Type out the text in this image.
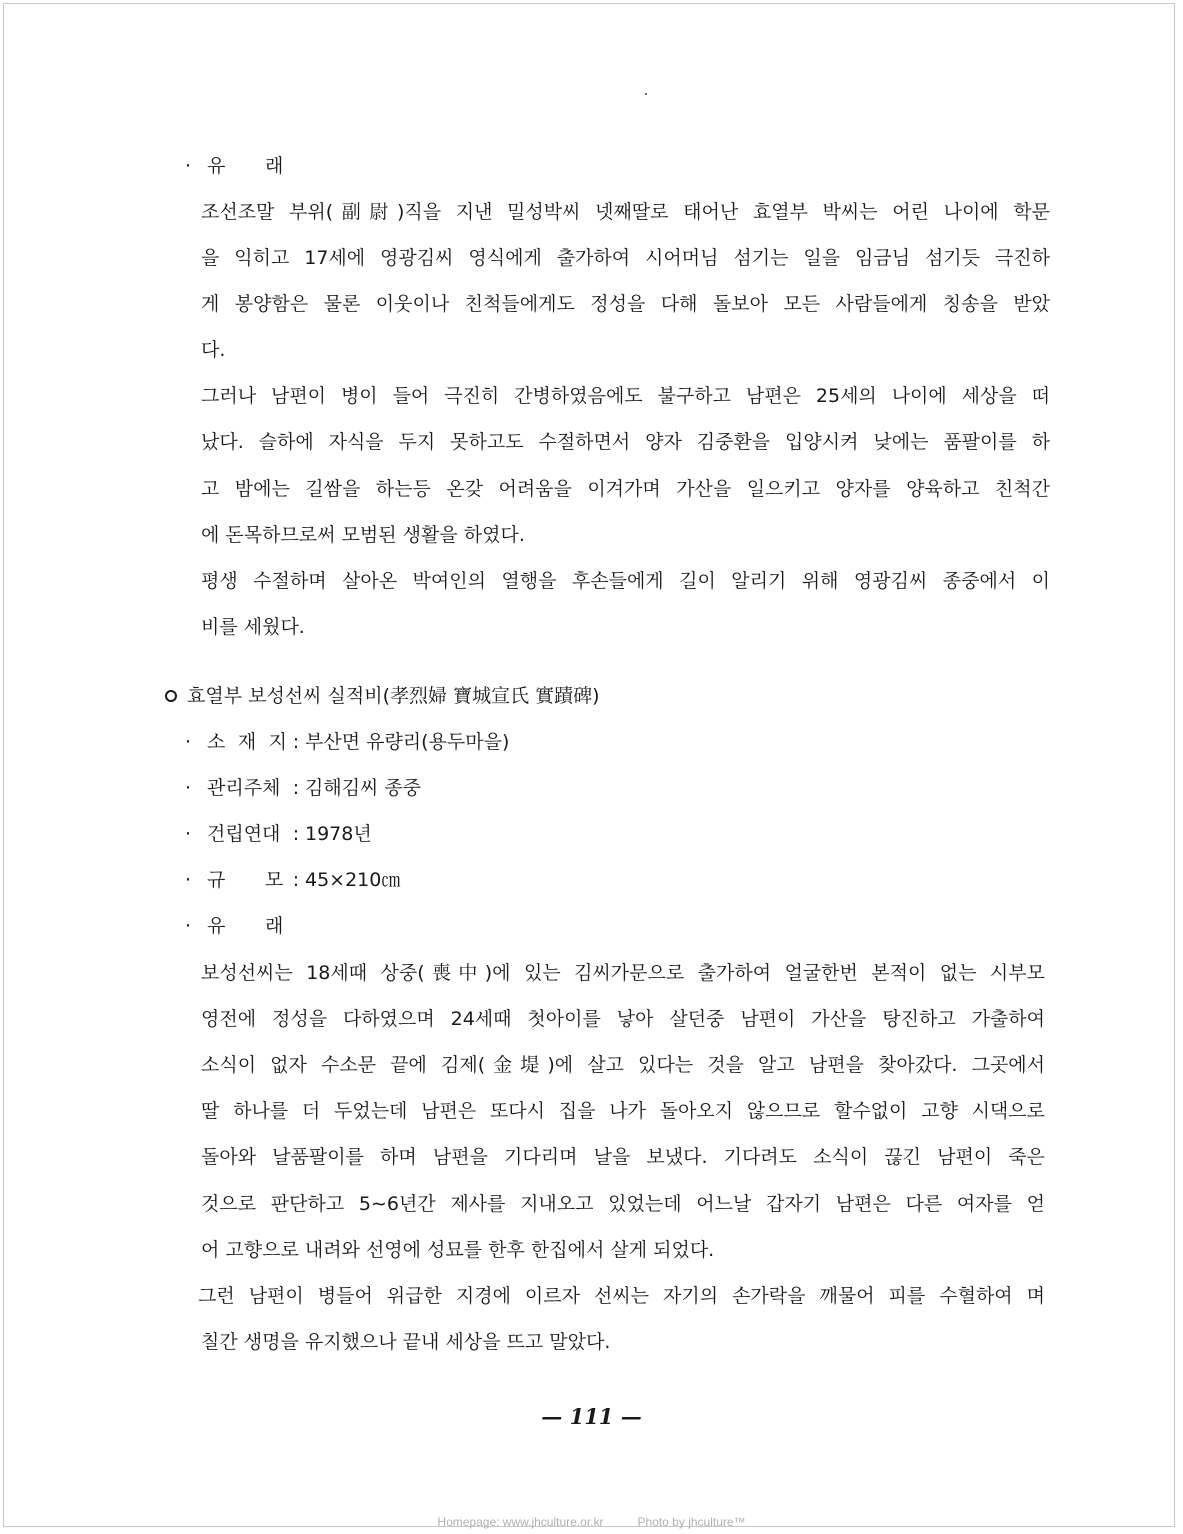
· 유 래
조선조말 부위(副尉)직을 지낸 밀성박씨 넷째딸로 태어난 효열부 박씨는 어린 나이에 학문
을 익히고 17세에 영광김씨 영식에게 출가하여 시어머님 섬기는 일을 임금님 섬기듯 극진하
게 봉양함은 물론 이웃이나 친척들에게도 정성을 다해 돌보아 모든 사람들에게 칭송을 받았
다.
그러나 남편이 병이 들어 극진히 간병하였음에도 불구하고 남편은 25세의 나이에 세상을 떠
났다. 슬하에 자식을 두지 못하고도 수절하면서 양자 김중환을 입양시켜 낮에는 품팔이를 하
고 밤에는 길쌈을 하는등 온갖 어려움을 이겨가며 가산을 일으키고 양자를 양육하고 친척간
에 돈목하므로써 모범된 생활을 하였다.
평생 수절하며 살아온 박여인의 열행을 후손들에게 길이 알리기 위해 영광김씨 종중에서 이
비를 세웠다.
효열부 보성선씨 실적비(孝烈婦 寶城宣氏 實蹟碑)
· 소 재 지 : 부산면 유량리(용두마을)
· 관리주체 : 김해김씨 종중
· 건립연대 : 1978년
· 규 모 : 45×210㎝
· 유 래
보성선씨는 18세때 상중(喪中)에 있는 김씨가문으로 출가하여 얼굴한번 본적이 없는 시부모
영전에 정성을 다하였으며 24세때 첫아이를 낳아 살던중 남편이 가산을 탕진하고 가출하여
소식이 없자 수소문 끝에 김제(金堤)에 살고 있다는 것을 알고 남편을 찾아갔다. 그곳에서
딸 하나를 더 두었는데 남편은 또다시 집을 나가 돌아오지 않으므로 할수없이 고향 시댁으로
돌아와 날품팔이를 하며 남편을 기다리며 날을 보냈다. 기다려도 소식이 끊긴 남편이 죽은
것으로 판단하고 5∼6년간 제사를 지내오고 있었는데 어느날 갑자기 남편은 다른 여자를 얻
어 고향으로 내려와 선영에 성묘를 한후 한집에서 살게 되었다.
그런 남편이 병들어 위급한 지경에 이르자 선씨는 자기의 손가락을 깨물어 피를 수혈하여 며
칠간 생명을 유지했으나 끝내 세상을 뜨고 말았다.
— 111 —
Homepage: www.jhculture.or.kr	Photo by jhculture™
